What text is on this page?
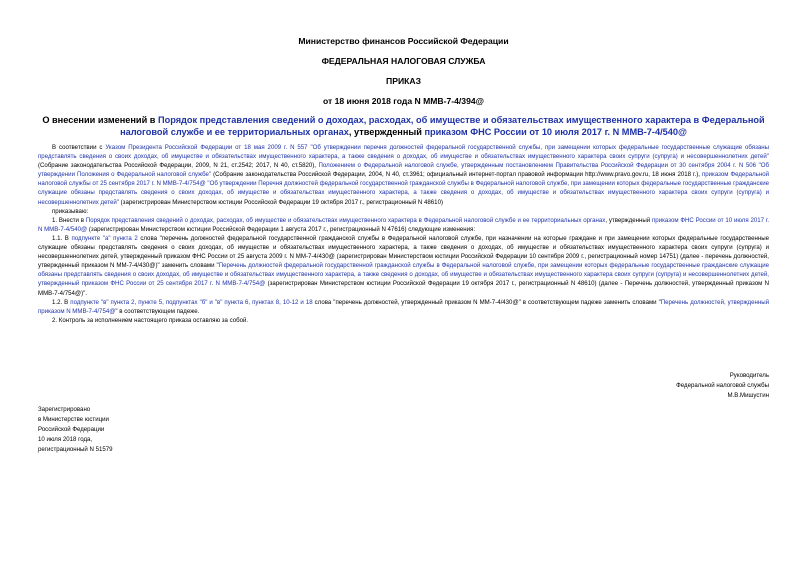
Министерство финансов Российской Федерации
ФЕДЕРАЛЬНАЯ НАЛОГОВАЯ СЛУЖБА
ПРИКАЗ
от 18 июня 2018 года N ММВ-7-4/394@
О внесении изменений в Порядок представления сведений о доходах, расходах, об имуществе и обязательствах имущественного характера в Федеральной налоговой службе и ее территориальных органах, утвержденный приказом ФНС России от 10 июля 2017 г. N ММВ-7-4/540@

В соответствии с Указом Президента Российской Федерации от 18 мая 2009 г. N 557 "Об утверждении перечня должностей федеральной государственной службы, при замещении которых федеральные государственные служащие обязаны представлять сведения о своих доходах, об имуществе и обязательствах имущественного характера, а также сведения о доходах, об имуществе и обязательствах имущественного характера своих супруги (супруга) и несовершеннолетних детей" (Собрание законодательства Российской Федерации, 2009, N 21, ст.2542; 2017, N 40, ст.5820), Положением о Федеральной налоговой службе, утвержденным постановлением Правительства Российской Федерации от 30 сентября 2004 г. N 506 "Об утверждении Положения о Федеральной налоговой службе" (Собрание законодательства Российской Федерации, 2004, N 40, ст.3961; официальный интернет-портал правовой информации http://www.pravo.gov.ru, 18 июня 2018 г.), приказом Федеральной налоговой службы от 25 сентября 2017 г. N ММВ-7-4/754@ "Об утверждении Перечня должностей федеральной государственной гражданской службы в Федеральной налоговой службе, при замещении которых федеральные государственные гражданские служащие обязаны представлять сведения о своих доходах, об имуществе и обязательствах имущественного характера, а также сведения о доходах, об имуществе и обязательствах имущественного характера своих супруги (супруга) и несовершеннолетних детей" (зарегистрирован Министерством юстиции Российской Федерации 19 октября 2017 г., регистрационный N 48610)

приказываю:

1. Внести в Порядок представления сведений о доходах, расходах, об имуществе и обязательствах имущественного характера в Федеральной налоговой службе и ее территориальных органах, утвержденный приказом ФНС России от 10 июля 2017 г. N ММВ-7-4/540@ (зарегистрирован Министерством юстиции Российской Федерации 1 августа 2017 г., регистрационный N 47616) следующие изменения:

1.1. В подпункте "а" пункта 2 слова "перечень должностей федеральной государственной гражданской службы в Федеральной налоговой службе, при назначении на которые граждане и при замещении которых федеральные государственные служащие обязаны представлять сведения о своих доходах, об имуществе и обязательствах имущественного характера, а также сведения о доходах, об имуществе и обязательствах имущественного характера своих супруги (супруга) и несовершеннолетних детей, утвержденный приказом ФНС России от 25 августа 2009 г. N ММ-7-4/430@ (зарегистрирован Министерством юстиции Российской Федерации 10 сентября 2009 г., регистрационный номер 14751) (далее - перечень должностей, утвержденный приказом N ММ-7-4/430@)" заменить словами "Перечень должностей федеральной государственной гражданской службы в Федеральной налоговой службе, при замещении которых федеральные государственные гражданские служащие обязаны представлять сведения о своих доходах, об имуществе и обязательствах имущественного характера, а также сведения о доходах, об имуществе и обязательствах имущественного характера своих супруги (супруга) и несовершеннолетних детей, утвержденный приказом ФНС России от 25 сентября 2017 г. N ММВ-7-4/754@ (зарегистрирован Министерством юстиции Российской Федерации 19 октября 2017 г., регистрационный N 48610) (далее - Перечень должностей, утвержденный приказом N ММВ-7-4/754@)".

1.2. В подпункте "в" пункта 2, пункте 5, подпунктах "б" и "в" пункта 6, пунктах 8, 10-12 и 18 слова "перечень должностей, утвержденный приказом N ММ-7-4/430@" в соответствующем падеже заменить словами "Перечень должностей, утвержденный приказом N ММВ-7-4/754@" в соответствующем падеже.

2. Контроль за исполнением настоящего приказа оставляю за собой.

Руководитель
Федеральной налоговой службы
М.В.Мишустин
Зарегистрировано
в Министерстве юстиции
Российской Федерации
10 июля 2018 года,
регистрационный N 51579
